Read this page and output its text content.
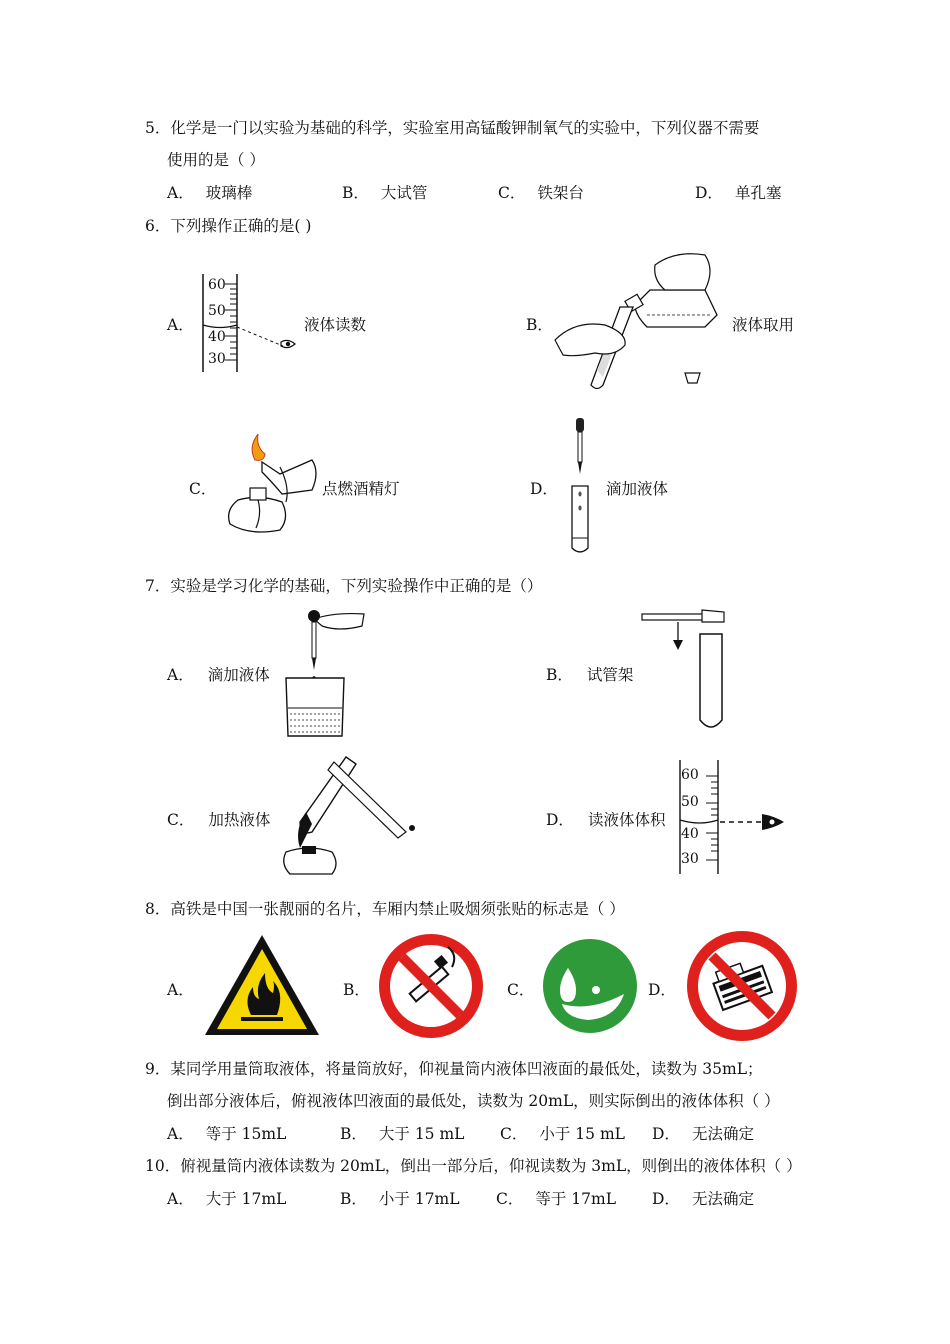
5．化学是一门以实验为基础的科学，实验室用高锰酸钾制氧气的实验中，下列仪器不需要
使用的是（ ）
A． 玻璃棒	B． 大试管	C． 铁架台	D． 单孔塞
6．下列操作正确的是( )
A．
60
50
40
30
液体读数	B．	液体取用
C．	点燃酒精灯	D．	滴加液体
7．实验是学习化学的基础，下列实验操作中正确的是（）
A． 滴加液体	B． 试管架
C． 加热液体	D． 读液体体积
60
50
40
30
8．高铁是中国一张靓丽的名片，车厢内禁止吸烟须张贴的标志是（ ）
A．	B．	C．	D．
9．某同学用量筒取液体，将量筒放好，仰视量筒内液体凹液面的最低处，读数为 35mL；
倒出部分液体后，俯视液体凹液面的最低处，读数为 20mL，则实际倒出的液体体积（ ）
A． 等于 15mL	B． 大于 15 mL C． 小于 15 mL D． 无法确定
10．俯视量筒内液体读数为 20mL，倒出一部分后，仰视读数为 3mL，则倒出的液体体积（ ）
A． 大于 17mL	B． 小于 17mL C． 等于 17mL D． 无法确定
